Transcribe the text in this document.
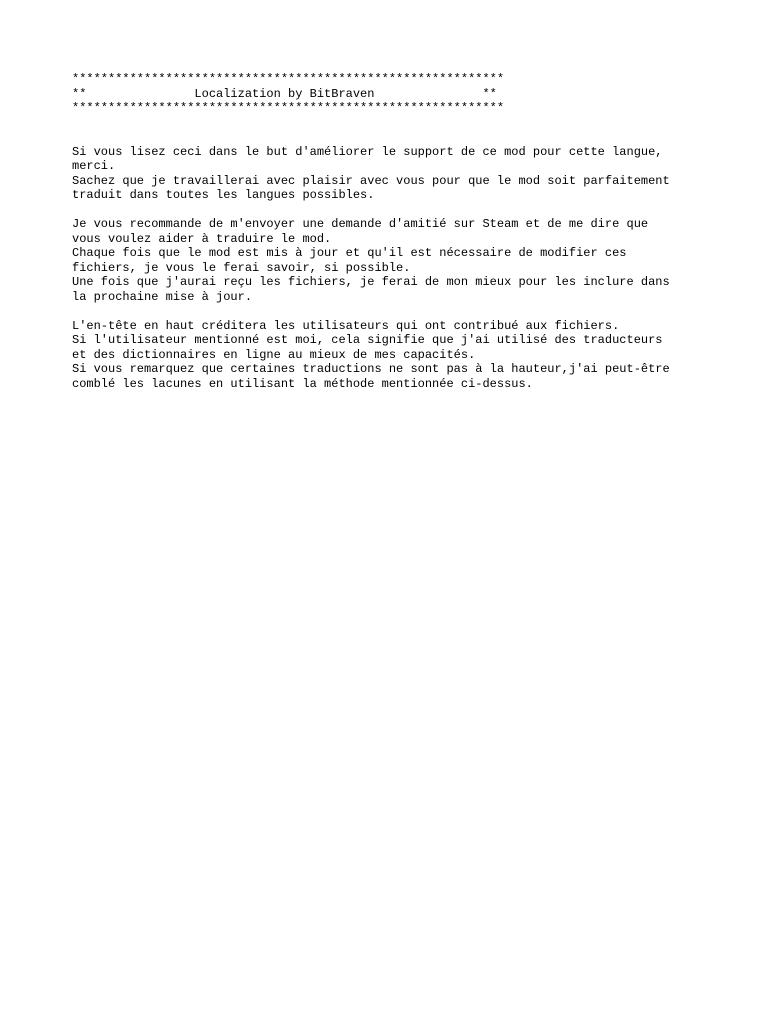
************************************************************
**               Localization by BitBraven               **
************************************************************
Si vous lisez ceci dans le but d'améliorer le support de ce mod pour cette langue,
merci.
Sachez que je travaillerai avec plaisir avec vous pour que le mod soit parfaitement
traduit dans toutes les langues possibles.
Je vous recommande de m'envoyer une demande d'amitié sur Steam et de me dire que
vous voulez aider à traduire le mod.
Chaque fois que le mod est mis à jour et qu'il est nécessaire de modifier ces
fichiers, je vous le ferai savoir, si possible.
Une fois que j'aurai reçu les fichiers, je ferai de mon mieux pour les inclure dans
la prochaine mise à jour.
L'en-tête en haut créditera les utilisateurs qui ont contribué aux fichiers.
Si l'utilisateur mentionné est moi, cela signifie que j'ai utilisé des traducteurs
et des dictionnaires en ligne au mieux de mes capacités.
Si vous remarquez que certaines traductions ne sont pas à la hauteur,j'ai peut-être
comblé les lacunes en utilisant la méthode mentionnée ci-dessus.
